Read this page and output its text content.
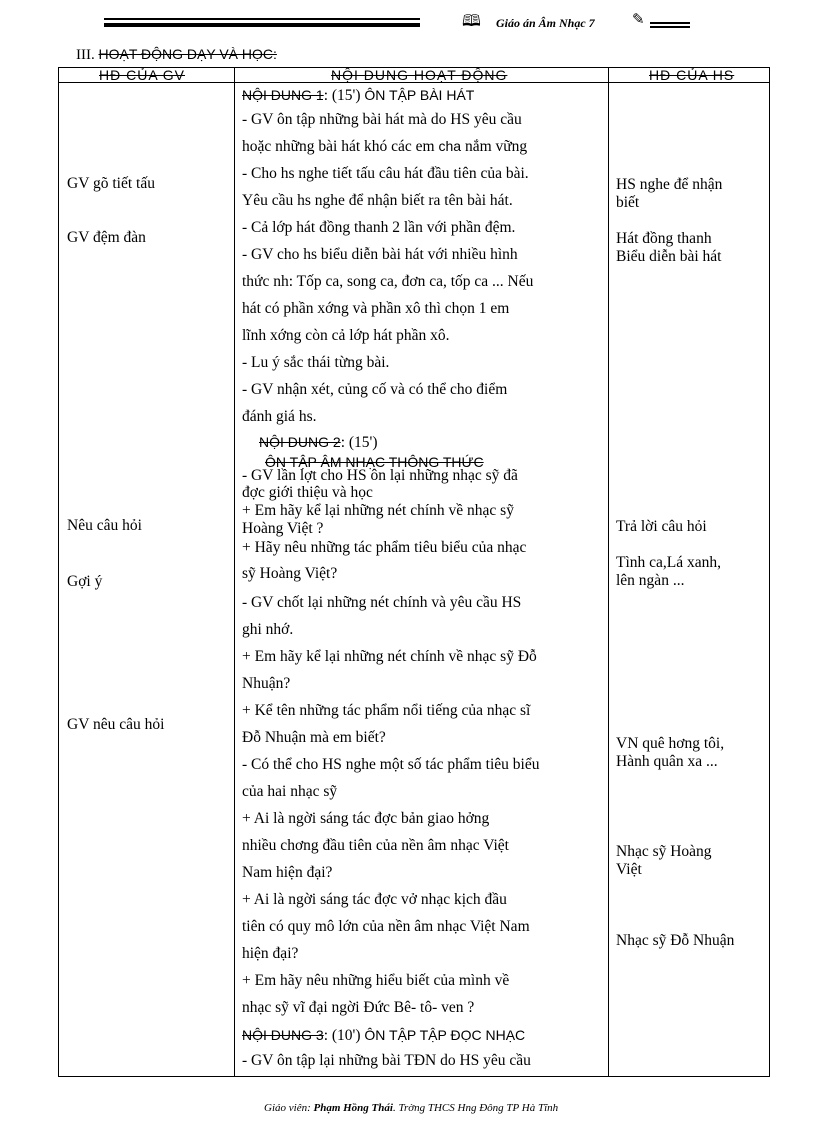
🕮 Giáo án Âm Nhạc 7 ✎
III. HOẠT ĐỘNG DẠY VÀ HỌC:
HĐ CỦA GV	NỘI DUNG HOẠT ĐỘNG	HĐ CỦA HS
GV gõ tiết tấu
GV đệm đàn
Nêu câu hỏi
Gợi ý
GV nêu câu hỏi
HS nghe để nhận
biết
Hát đồng thanh
Biểu diễn bài hát
Trả lời câu hỏi
Tình ca,Lá xanh,
lên ngàn ...
VN quê hơng tôi,
Hành quân xa ...
Nhạc sỹ Hoàng
Việt
Nhạc sỹ Đỗ Nhuận
NỘI DUNG 1: (15') ÔN TẬP BÀI HÁT
- GV ôn tập những bài hát mà do HS yêu cầu
hoặc những bài hát khó các em cha nắm vững
- Cho hs nghe tiết tấu câu hát đầu tiên của bài.
Yêu cầu hs nghe để nhận biết ra tên bài hát.
- Cả lớp hát đồng thanh 2 lần với phần đệm.
- GV cho hs biểu diễn bài hát với nhiều hình
thức nh: Tốp ca, song ca, đơn ca, tốp ca ... Nếu
hát có phần xớng và phần xô thì chọn 1 em
lĩnh xớng còn cả lớp hát phần xô.
- Lu ý sắc thái từng bài.
- GV nhận xét, củng cố và có thể cho điểm
đánh giá hs.
NỘI DUNG 2: (15')
ÔN TẬP ÂM NHẠC THÔNG THỨC
- GV lần lợt cho HS ôn lại những nhạc sỹ đã
đợc giới thiệu và học
+ Em hãy kể lại những nét chính về nhạc sỹ
Hoàng Việt ?
+ Hãy nêu những tác phẩm tiêu biểu của nhạc
sỹ Hoàng Việt?
- GV chốt lại những nét chính và yêu cầu HS
ghi nhớ.
+ Em hãy kể lại những nét chính về nhạc sỹ Đỗ
Nhuận?
+ Kể tên những tác phẩm nổi tiếng của nhạc sĩ
Đỗ Nhuận mà em biết?
- Có thể cho HS nghe một số tác phẩm tiêu biểu
của hai nhạc sỹ
+ Ai là ngời sáng tác đợc bản giao hởng
nhiều chơng đầu tiên của nền âm nhạc Việt
Nam hiện đại?
+ Ai là ngời sáng tác đợc vở nhạc kịch đầu
tiên có quy mô lớn của nền âm nhạc Việt Nam
hiện đại?
+ Em hãy nêu những hiểu biết của mình về
nhạc sỹ vĩ đại ngời Đức Bê- tô- ven ?
NỘI DUNG 3: (10') ÔN TẬP TẬP ĐỌC NHẠC
- GV ôn tập lại những bài TĐN do HS yêu cầu
Giáo viên: Phạm Hồng Thái. Trờng THCS Hng Đông TP Hà Tĩnh
